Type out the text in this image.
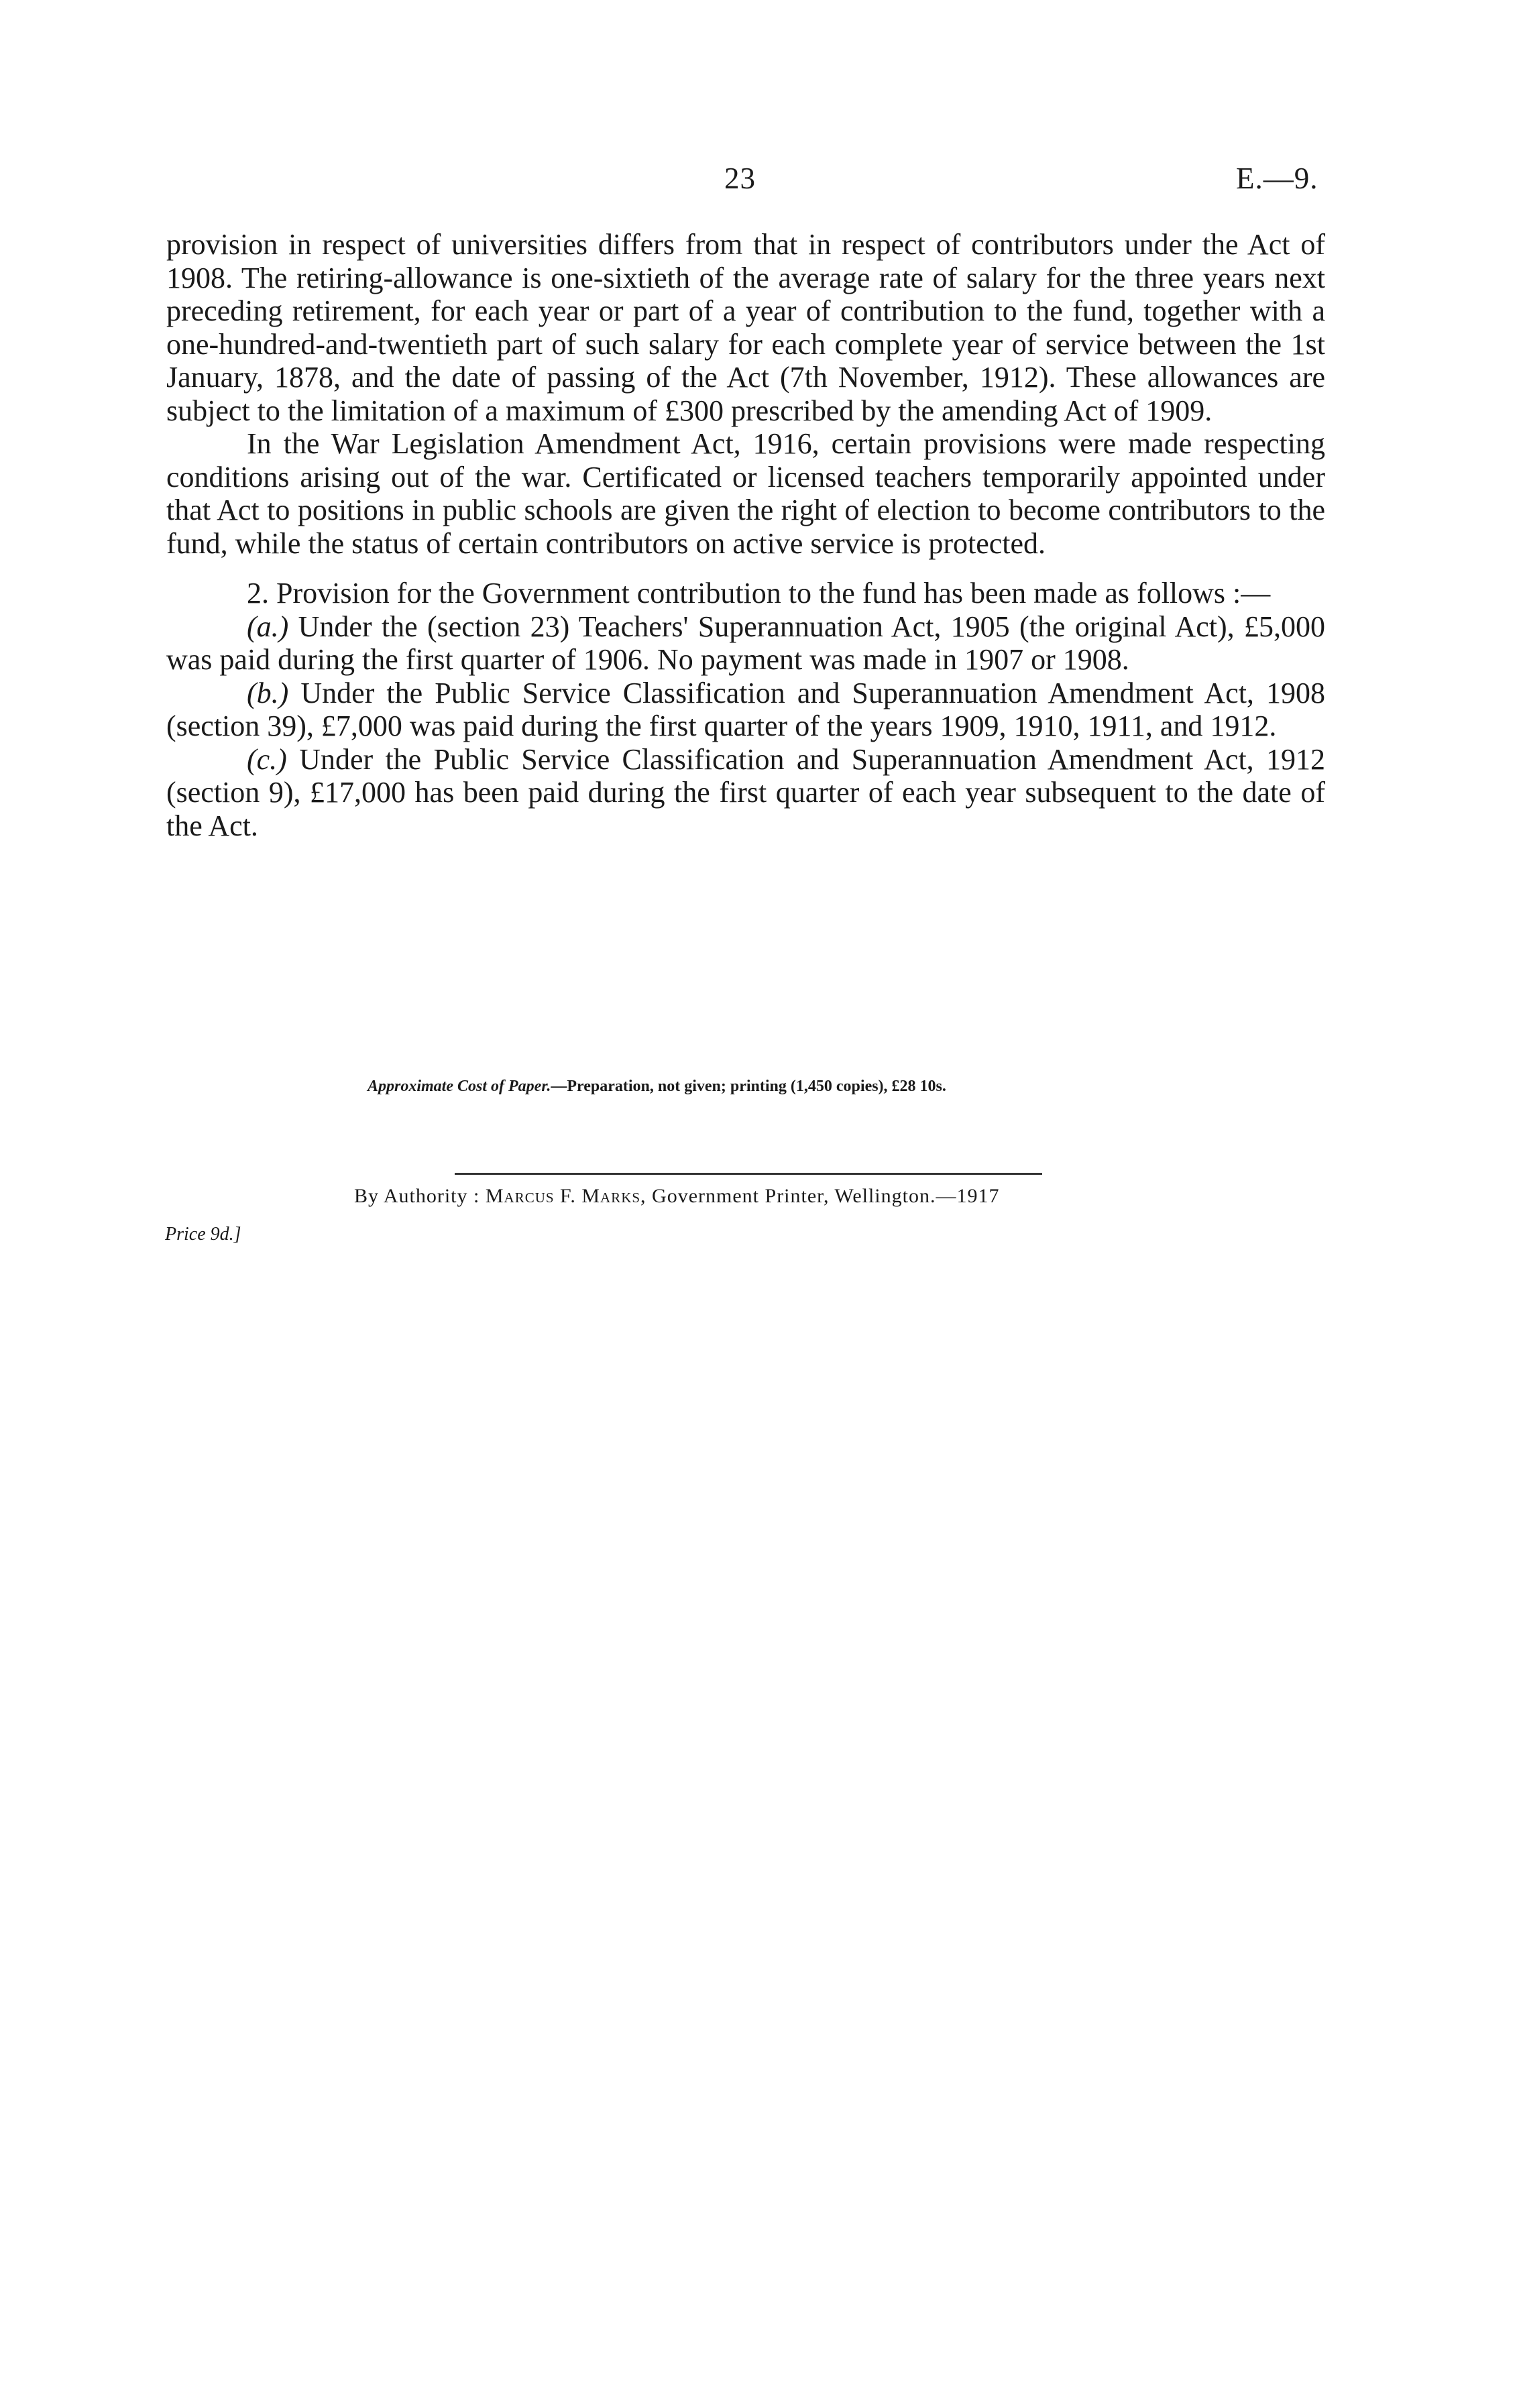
23	E.—9.

provision in respect of universities differs from that in respect of contributors under the Act of 1908. The retiring-allowance is one-sixtieth of the average rate of salary for the three years next preceding retirement, for each year or part of a year of contribution to the fund, together with a one-hundred-and-twentieth part of such salary for each complete year of service between the 1st January, 1878, and the date of passing of the Act (7th November, 1912). These allowances are subject to the limitation of a maximum of £300 prescribed by the amending Act of 1909.

In the War Legislation Amendment Act, 1916, certain provisions were made respecting conditions arising out of the war. Certificated or licensed teachers temporarily appointed under that Act to positions in public schools are given the right of election to become contributors to the fund, while the status of certain contributors on active service is protected.

2. Provision for the Government contribution to the fund has been made as follows :—

(a.) Under the (section 23) Teachers' Superannuation Act, 1905 (the original Act), £5,000 was paid during the first quarter of 1906. No payment was made in 1907 or 1908.

(b.) Under the Public Service Classification and Superannuation Amendment Act, 1908 (section 39), £7,000 was paid during the first quarter of the years 1909, 1910, 1911, and 1912.

(c.) Under the Public Service Classification and Superannuation Amendment Act, 1912 (section 9), £17,000 has been paid during the first quarter of each year subsequent to the date of the Act.

Approximate Cost of Paper.—Preparation, not given; printing (1,450 copies), £28 10s.
By Authority : Marcus F. Marks, Government Printer, Wellington.—1917
Price 9d.]
